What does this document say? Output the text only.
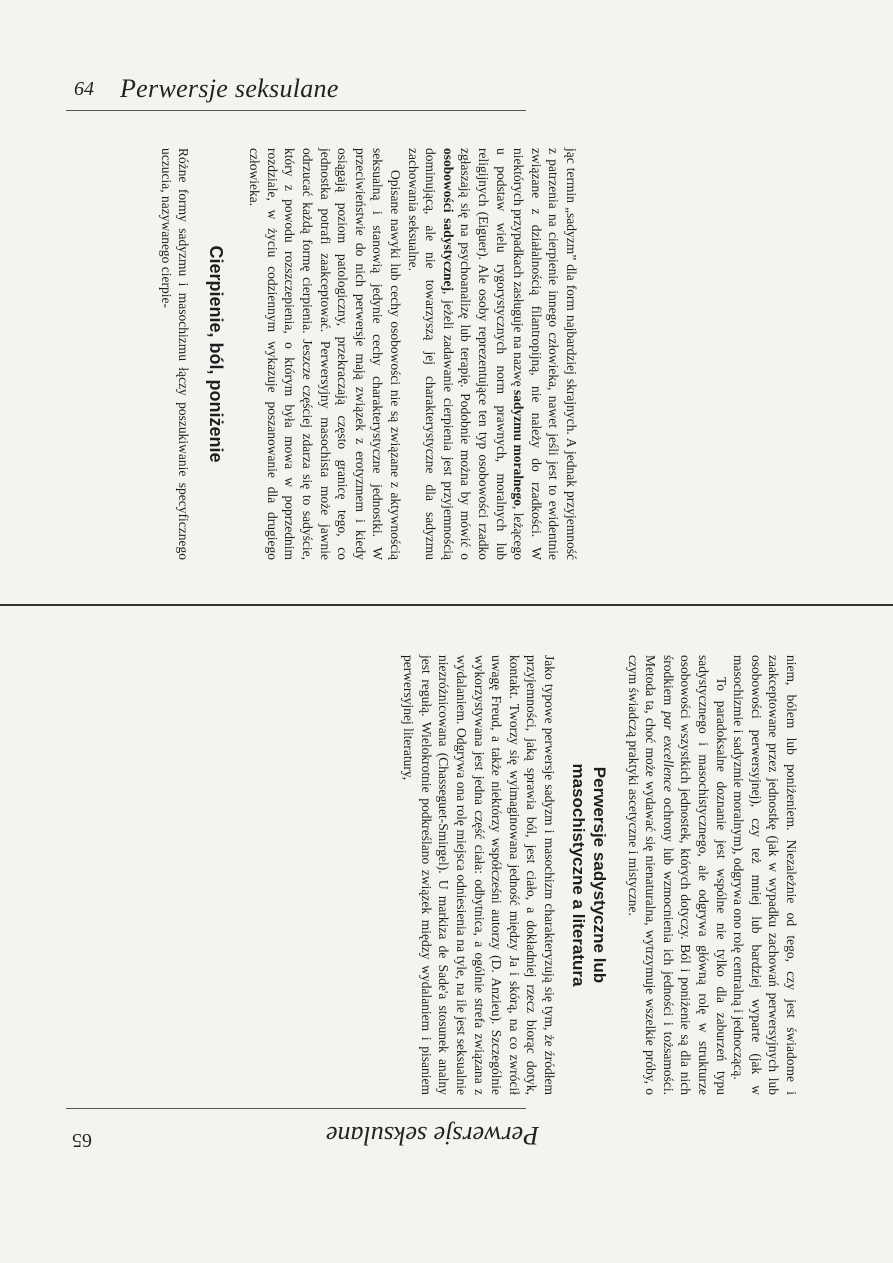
64 Perwersje seksulane

jąc termin „sadyzm” dla form najbardziej skrajnych. A jednak przyjemność z patrzenia na cierpienie innego człowieka, nawet jeśli jest to ewidentnie związane z działalnością filantropijną, nie należy do rzadkości. W niektórych przypadkach zasługuje na nazwę sadyzmu moralnego, leżącego u podstaw wielu rygorystycznych norm prawnych, moralnych lub religijnych (Eiguer). Ale osoby reprezentujące ten typ osobowości rzadko zgłaszają się na psychoanalizę lub terapię. Podobnie można by mówić o osobowości sadystycznej, jeżeli zadawanie cierpienia jest przyjemnością dominującą, ale nie towarzyszą jej charakterystyczne dla sadyzmu zachowania seksualne.

Opisane nawyki lub cechy osobowości nie są związane z aktywnością seksualną i stanowią jedynie cechy charakterystyczne jednostki. W przeciwieństwie do nich perwersje mają związek z erotyzmem i kiedy osiągają poziom patologiczny, przekraczają często granicę tego, co jednostka potrafi zaakceptować. Perwersyjny masochista może jawnie odrzucać każdą formę cierpienia. Jeszcze częściej zdarza się to sadyście, który z powodu rozszczepienia, o którym była mowa w poprzednim rozdziale, w życiu codziennym wykazuje poszanowanie dla drugiego człowieka.

Cierpienie, ból, poniżenie

Różne formy sadyzmu i masochizmu łączy poszukiwanie specyficznego uczucia, nazywanego cierpie-

niem, bólem lub poniżeniem. Niezależnie od tego, czy jest świadome i zaakceptowane przez jednostkę (jak w wypadku zachowań perwersyjnych lub osobowości perwersyjnej), czy też mniej lub bardziej wyparte (jak w masochizmie i sadyzmie moralnym), odgrywa ono rolę centralną i jednoczącą.

To paradoksalne doznanie jest wspólne nie tylko dla zaburzeń typu sadystycznego i masochistycznego, ale odgrywa główną rolę w strukturze osobowości wszystkich jednostek, których dotyczy. Ból i poniżenie są dla nich środkiem par excellence ochrony lub wzmocnienia ich jedności i tożsamości. Metoda ta, choć może wydawać się nienaturalna, wytrzymuje wszelkie próby, o czym świadczą praktyki ascetyczne i mistyczne.

Perwersje sadystyczne lub
masochistyczne a literatura

Jako typowe perwersje sadyzm i masochizm charakteryzują się tym, że źródłem przyjemności, jaką sprawia ból, jest ciało, a dokładniej rzecz biorąc dotyk, kontakt. Tworzy się wyimaginowana jedność między Ja i skórą, na co zwrócił uwagę Freud, a także niektórzy współcześni autorzy (D. Anzieu). Szczególnie wykorzystywana jest jedna część ciała: odbytnica, a ogólnie strefa związana z wydalaniem. Odgrywa ona rolę miejsca odniesienia na tyle, na ile jest seksualnie niezróżnicowana (Chasseguet-Smirgel). U markiza de Sade'a stosunek analny jest regułą. Wielokrotnie podkreślano związek między wydalaniem i pisaniem perwersyjnej literatury,

Perwersje seksulane
65
